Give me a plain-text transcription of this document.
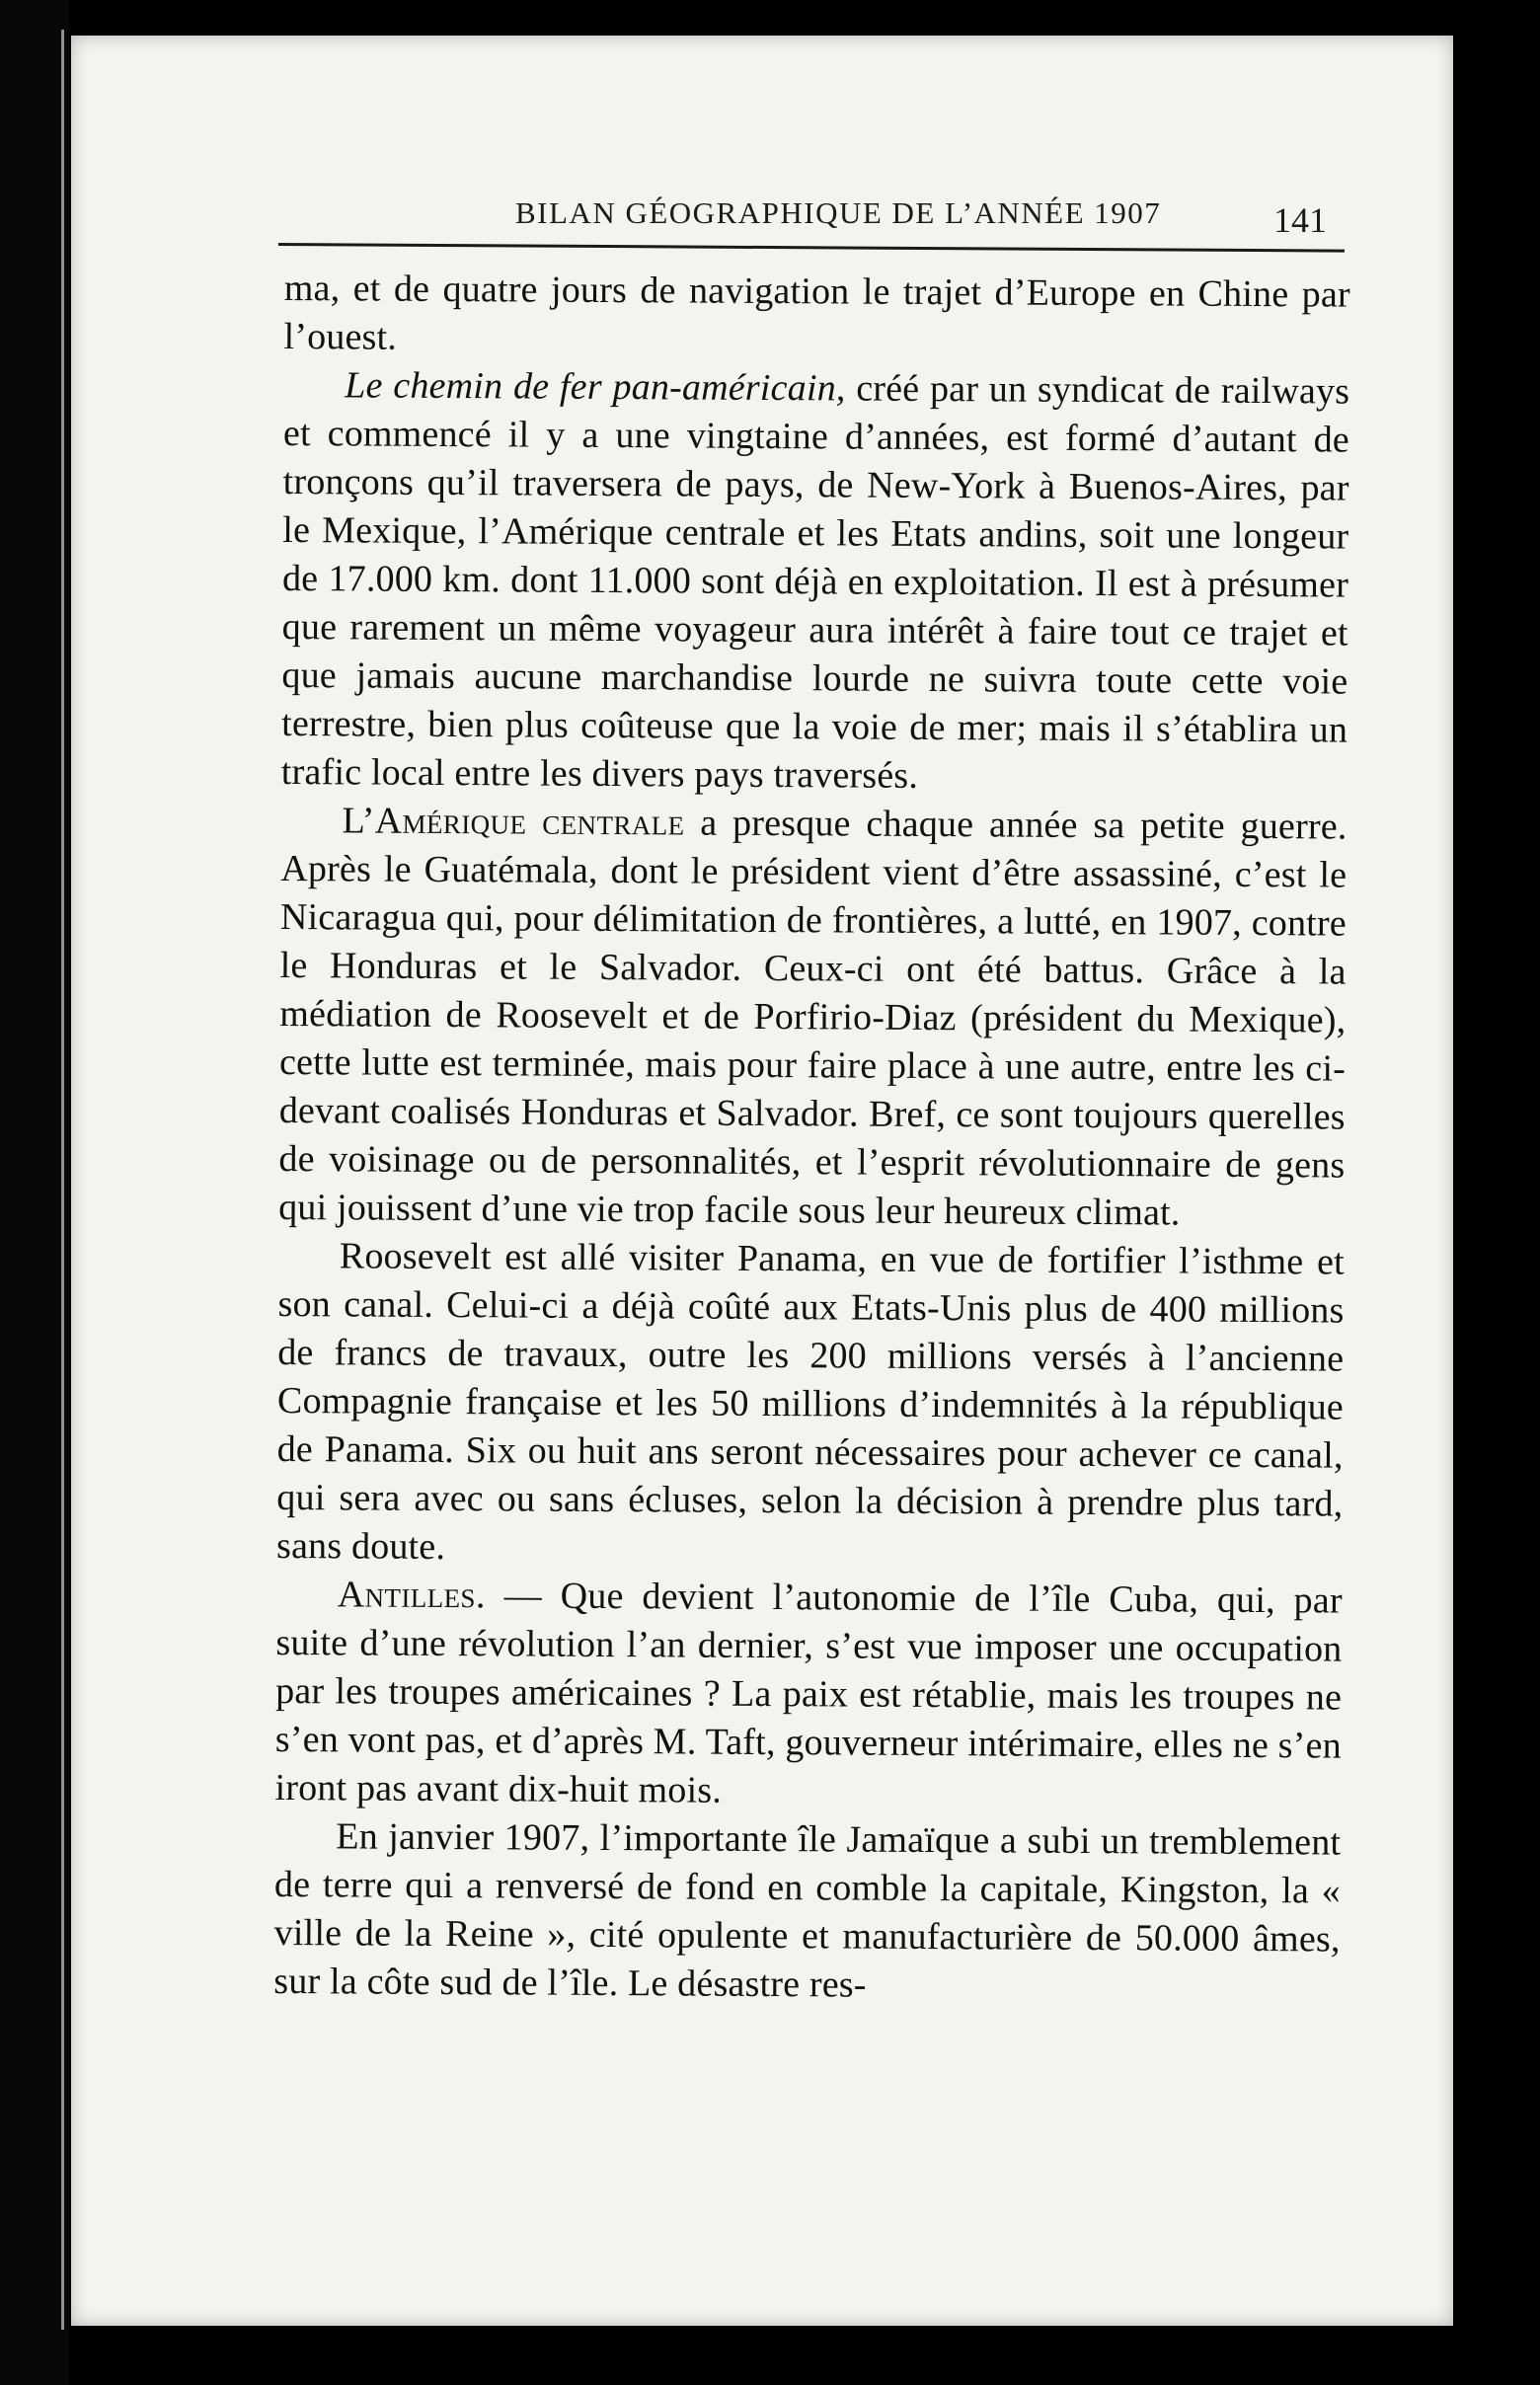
BILAN GÉOGRAPHIQUE DE L’ANNÉE 1907	141

ma, et de quatre jours de navigation le trajet d’Europe en Chine par l’ouest.

Le chemin de fer pan-américain, créé par un syndicat de railways et commencé il y a une vingtaine d’années, est formé d’autant de tronçons qu’il traversera de pays, de New-York à Buenos-Aires, par le Mexique, l’Amérique centrale et les Etats andins, soit une longeur de 17.000 km. dont 11.000 sont déjà en exploitation. Il est à présumer que rarement un même voyageur aura intérêt à faire tout ce trajet et que jamais aucune marchandise lourde ne suivra toute cette voie terrestre, bien plus coûteuse que la voie de mer; mais il s’établira un trafic local entre les divers pays traversés.

L’Amérique centrale a presque chaque année sa petite guerre. Après le Guatémala, dont le président vient d’être assassiné, c’est le Nicaragua qui, pour délimitation de frontières, a lutté, en 1907, contre le Honduras et le Salvador. Ceux-ci ont été battus. Grâce à la médiation de Roosevelt et de Porfirio-Diaz (président du Mexique), cette lutte est terminée, mais pour faire place à une autre, entre les ci-devant coalisés Honduras et Salvador. Bref, ce sont toujours querelles de voisinage ou de personnalités, et l’esprit révolutionnaire de gens qui jouissent d’une vie trop facile sous leur heureux climat.

Roosevelt est allé visiter Panama, en vue de fortifier l’isthme et son canal. Celui-ci a déjà coûté aux Etats-Unis plus de 400 millions de francs de travaux, outre les 200 millions versés à l’ancienne Compagnie française et les 50 millions d’indemnités à la république de Panama. Six ou huit ans seront nécessaires pour achever ce canal, qui sera avec ou sans écluses, selon la décision à prendre plus tard, sans doute.

Antilles. — Que devient l’autonomie de l’île Cuba, qui, par suite d’une révolution l’an dernier, s’est vue imposer une occupation par les troupes américaines ? La paix est rétablie, mais les troupes ne s’en vont pas, et d’après M. Taft, gouverneur intérimaire, elles ne s’en iront pas avant dix-huit mois.

En janvier 1907, l’importante île Jamaïque a subi un tremblement de terre qui a renversé de fond en comble la capitale, Kingston, la « ville de la Reine », cité opulente et manufacturière de 50.000 âmes, sur la côte sud de l’île. Le désastre res-
